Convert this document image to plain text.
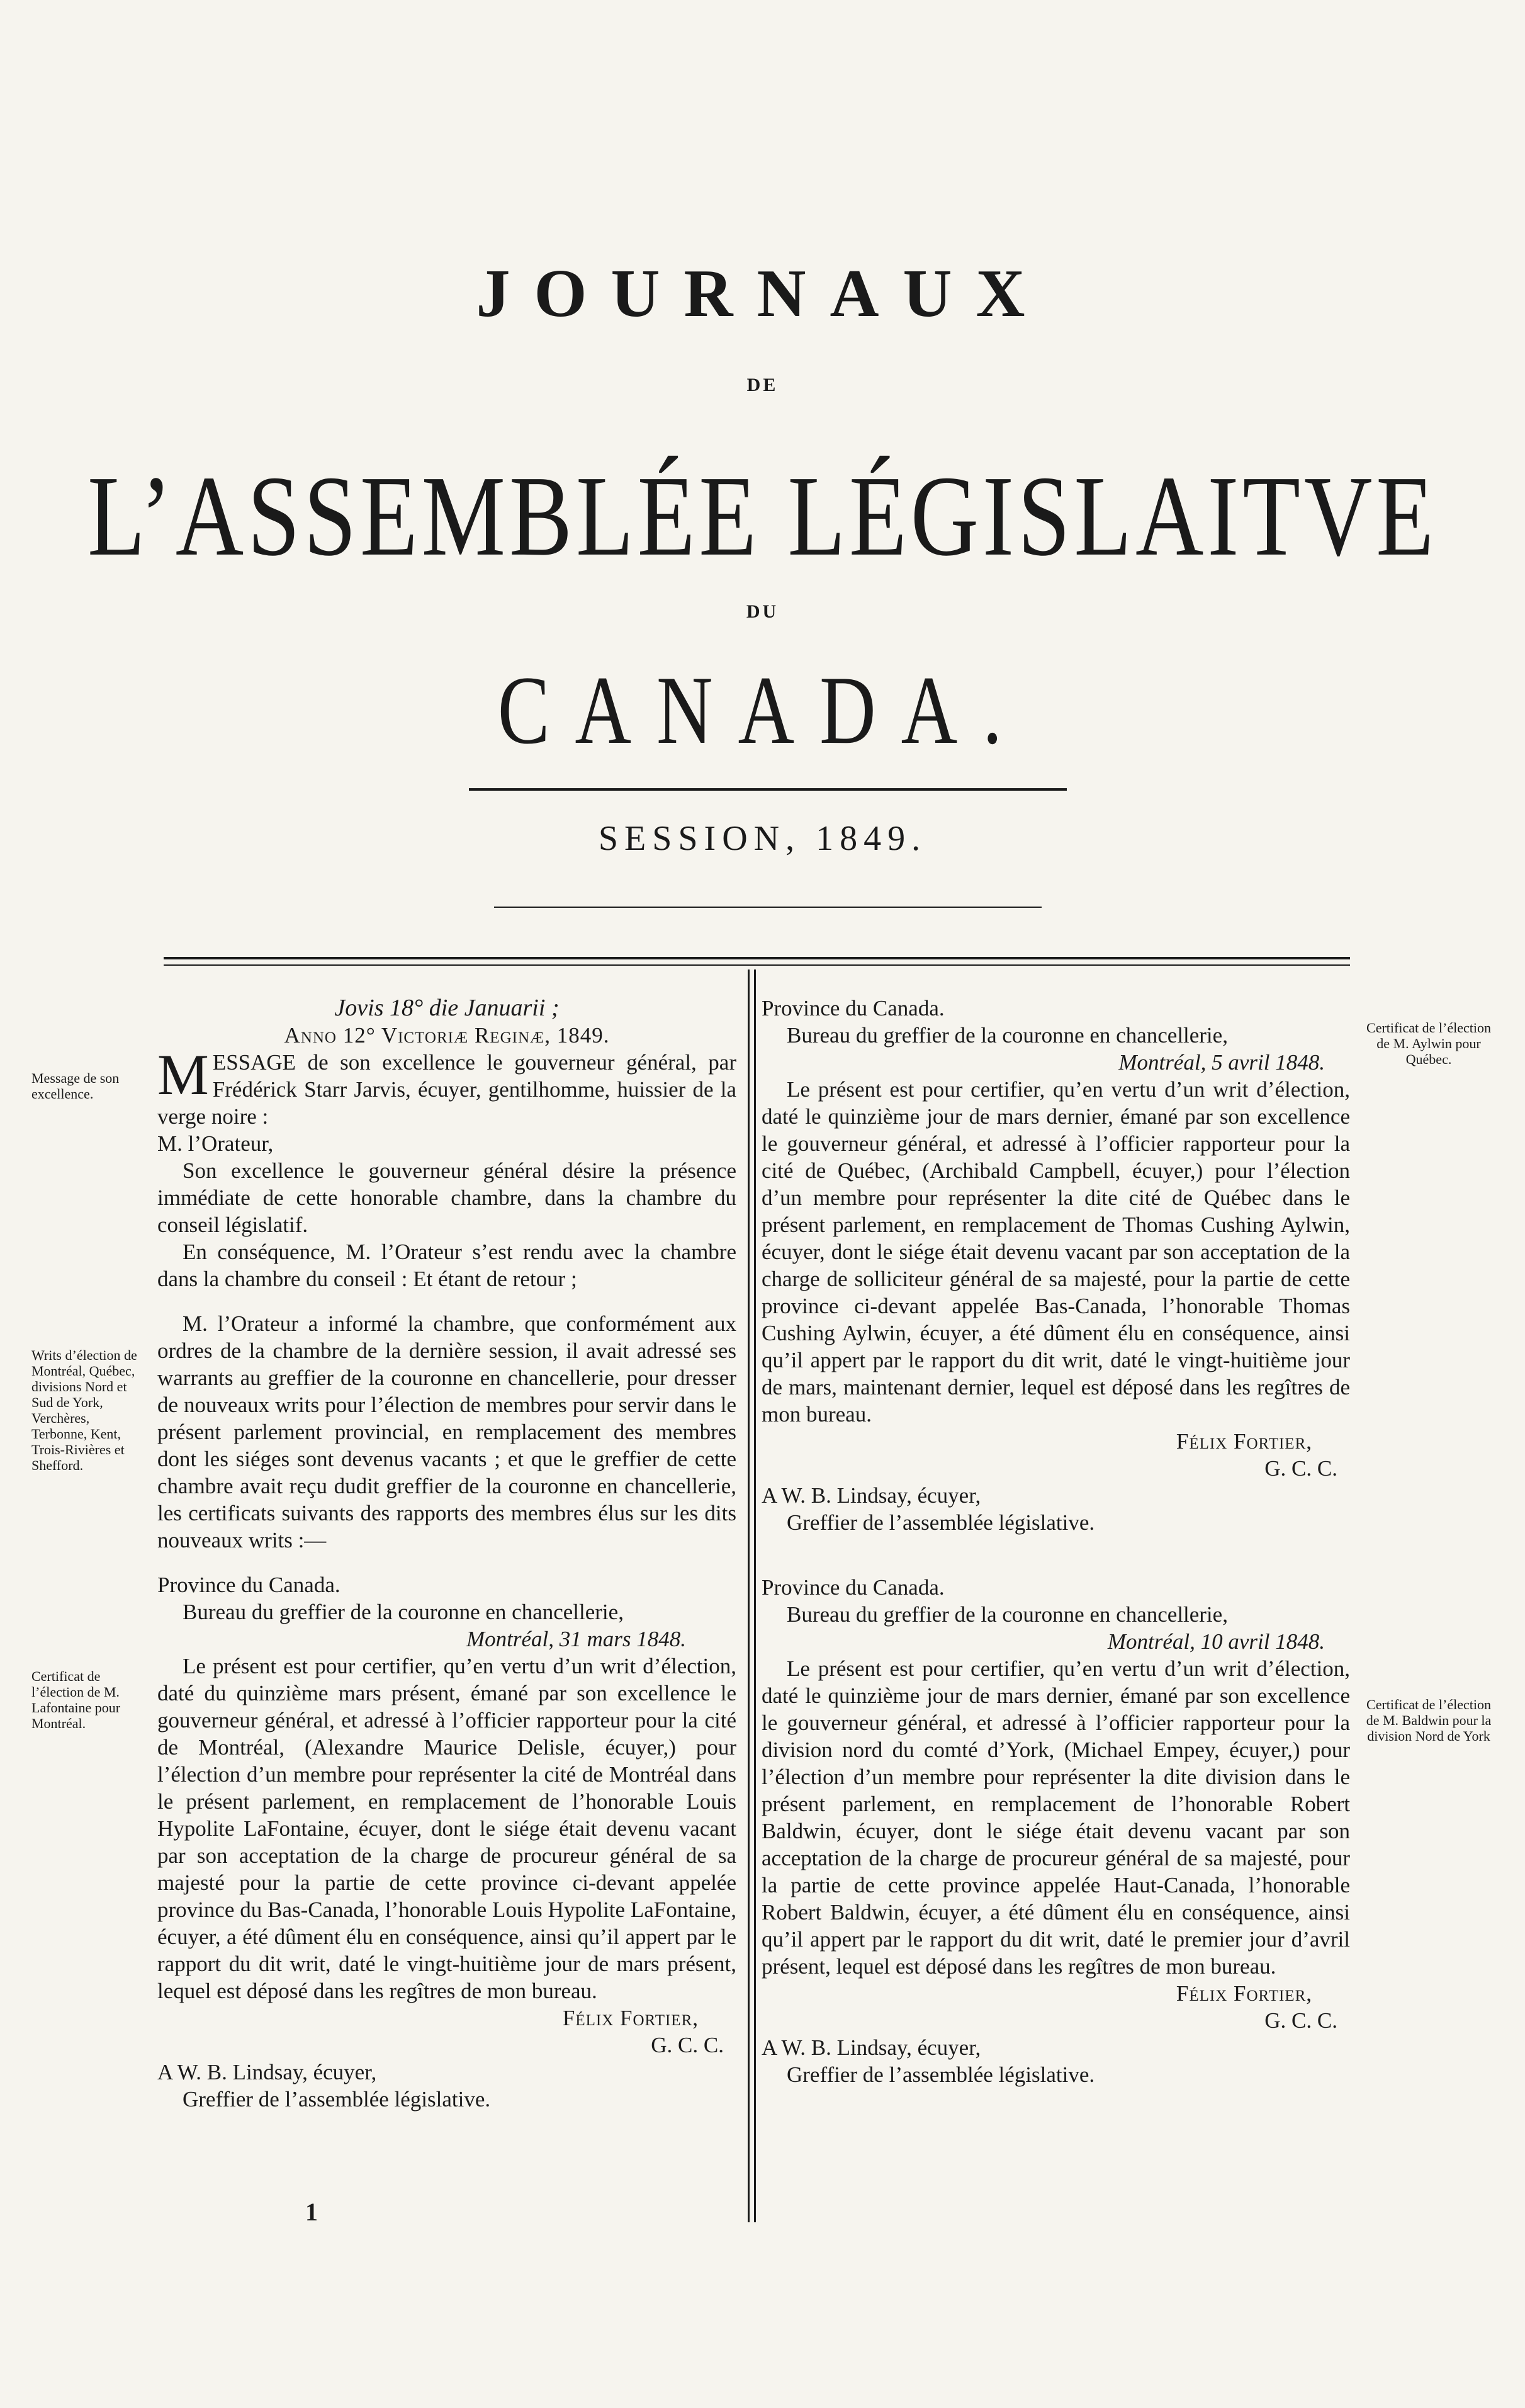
JOURNAUX
DE
L’ASSEMBLÉE LÉGISLAITVE
DU
CANADA.
SESSION, 1849.
Message de son excellence.
Writs d’élection de Montréal, Québec, divisions Nord et Sud de York, Verchères, Terbonne, Kent, Trois-Rivières et Shefford.
Certificat de l’élection de M. Lafontaine pour Montréal.
Certificat de l’élection de M. Aylwin pour Québec.
Certificat de l’élection de M. Baldwin pour la division Nord de York

Jovis 18° die Januarii ;

Anno 12° Victoriæ Reginæ, 1849.

MESSAGE de son excellence le gouverneur général, par Frédérick Starr Jarvis, écuyer, gentilhomme, huissier de la verge noire :

M. l’Orateur,

Son excellence le gouverneur général désire la présence immédiate de cette honorable chambre, dans la chambre du conseil législatif.

En conséquence, M. l’Orateur s’est rendu avec la chambre dans la chambre du conseil : Et étant de retour ;

M. l’Orateur a informé la chambre, que conformément aux ordres de la chambre de la dernière session, il avait adressé ses warrants au greffier de la couronne en chancellerie, pour dresser de nouveaux writs pour l’élection de membres pour servir dans le présent parlement provincial, en remplacement des membres dont les siéges sont devenus vacants ; et que le greffier de cette chambre avait reçu dudit greffier de la couronne en chancellerie, les certificats suivants des rapports des membres élus sur les dits nouveaux writs :—

Province du Canada.

Bureau du greffier de la couronne en chancellerie,

Montréal, 31 mars 1848.

Le présent est pour certifier, qu’en vertu d’un writ d’élection, daté du quinzième mars présent, émané par son excellence le gouverneur général, et adressé à l’officier rapporteur pour la cité de Montréal, (Alexandre Maurice Delisle, écuyer,) pour l’élection d’un membre pour représenter la cité de Montréal dans le présent parlement, en remplacement de l’honorable Louis Hypolite LaFontaine, écuyer, dont le siége était devenu vacant par son acceptation de la charge de procureur général de sa majesté pour la partie de cette province ci-devant appelée province du Bas-Canada, l’honorable Louis Hypolite LaFontaine, écuyer, a été dûment élu en conséquence, ainsi qu’il appert par le rapport du dit writ, daté le vingt-huitième jour de mars présent, lequel est déposé dans les regîtres de mon bureau.

Félix Fortier,

G. C. C.

A W. B. Lindsay, écuyer,

Greffier de l’assemblée législative.

Province du Canada.

Bureau du greffier de la couronne en chancellerie,

Montréal, 5 avril 1848.

Le présent est pour certifier, qu’en vertu d’un writ d’élection, daté le quinzième jour de mars dernier, émané par son excellence le gouverneur général, et adressé à l’officier rapporteur pour la cité de Québec, (Archibald Campbell, écuyer,) pour l’élection d’un membre pour représenter la dite cité de Québec dans le présent parlement, en remplacement de Thomas Cushing Aylwin, écuyer, dont le siége était devenu vacant par son acceptation de la charge de solliciteur général de sa majesté, pour la partie de cette province ci-devant appelée Bas-Canada, l’honorable Thomas Cushing Aylwin, écuyer, a été dûment élu en conséquence, ainsi qu’il appert par le rapport du dit writ, daté le vingt-huitième jour de mars, maintenant dernier, lequel est déposé dans les regîtres de mon bureau.

Félix Fortier,

G. C. C.

A W. B. Lindsay, écuyer,

Greffier de l’assemblée législative.

Province du Canada.

Bureau du greffier de la couronne en chancellerie,

Montréal, 10 avril 1848.

Le présent est pour certifier, qu’en vertu d’un writ d’élection, daté le quinzième jour de mars dernier, émané par son excellence le gouverneur général, et adressé à l’officier rapporteur pour la division nord du comté d’York, (Michael Empey, écuyer,) pour l’élection d’un membre pour représenter la dite division dans le présent parlement, en remplacement de l’honorable Robert Baldwin, écuyer, dont le siége était devenu vacant par son acceptation de la charge de procureur général de sa majesté, pour la partie de cette province appelée Haut-Canada, l’honorable Robert Baldwin, écuyer, a été dûment élu en conséquence, ainsi qu’il appert par le rapport du dit writ, daté le premier jour d’avril présent, lequel est déposé dans les regîtres de mon bureau.

Félix Fortier,

G. C. C.

A W. B. Lindsay, écuyer,

Greffier de l’assemblée législative.

1
